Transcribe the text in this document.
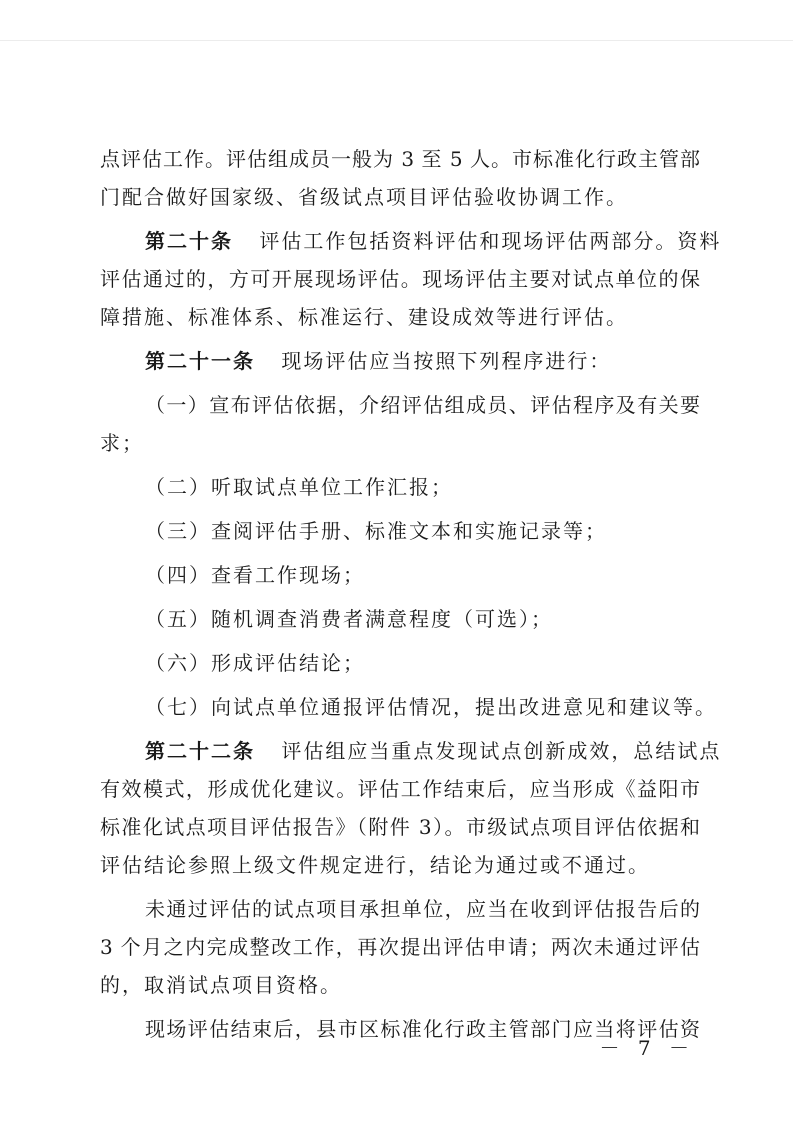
点评估工作。评估组成员一般为 3 至 5 人。市标准化行政主管部
门配合做好国家级、省级试点项目评估验收协调工作。
第二十条 评估工作包括资料评估和现场评估两部分。资料
评估通过的，方可开展现场评估。现场评估主要对试点单位的保
障措施、标准体系、标准运行、建设成效等进行评估。
第二十一条 现场评估应当按照下列程序进行：
（一）宣布评估依据，介绍评估组成员、评估程序及有关要
求；
（二）听取试点单位工作汇报；
（三）查阅评估手册、标准文本和实施记录等；
（四）查看工作现场；
（五）随机调查消费者满意程度（可选）；
（六）形成评估结论；
（七）向试点单位通报评估情况，提出改进意见和建议等。
第二十二条 评估组应当重点发现试点创新成效，总结试点
有效模式，形成优化建议。评估工作结束后，应当形成《益阳市
标准化试点项目评估报告》（附件 3）。市级试点项目评估依据和
评估结论参照上级文件规定进行，结论为通过或不通过。
未通过评估的试点项目承担单位，应当在收到评估报告后的
3 个月之内完成整改工作，再次提出评估申请；两次未通过评估
的，取消试点项目资格。
现场评估结束后，县市区标准化行政主管部门应当将评估资
－ 7 －
